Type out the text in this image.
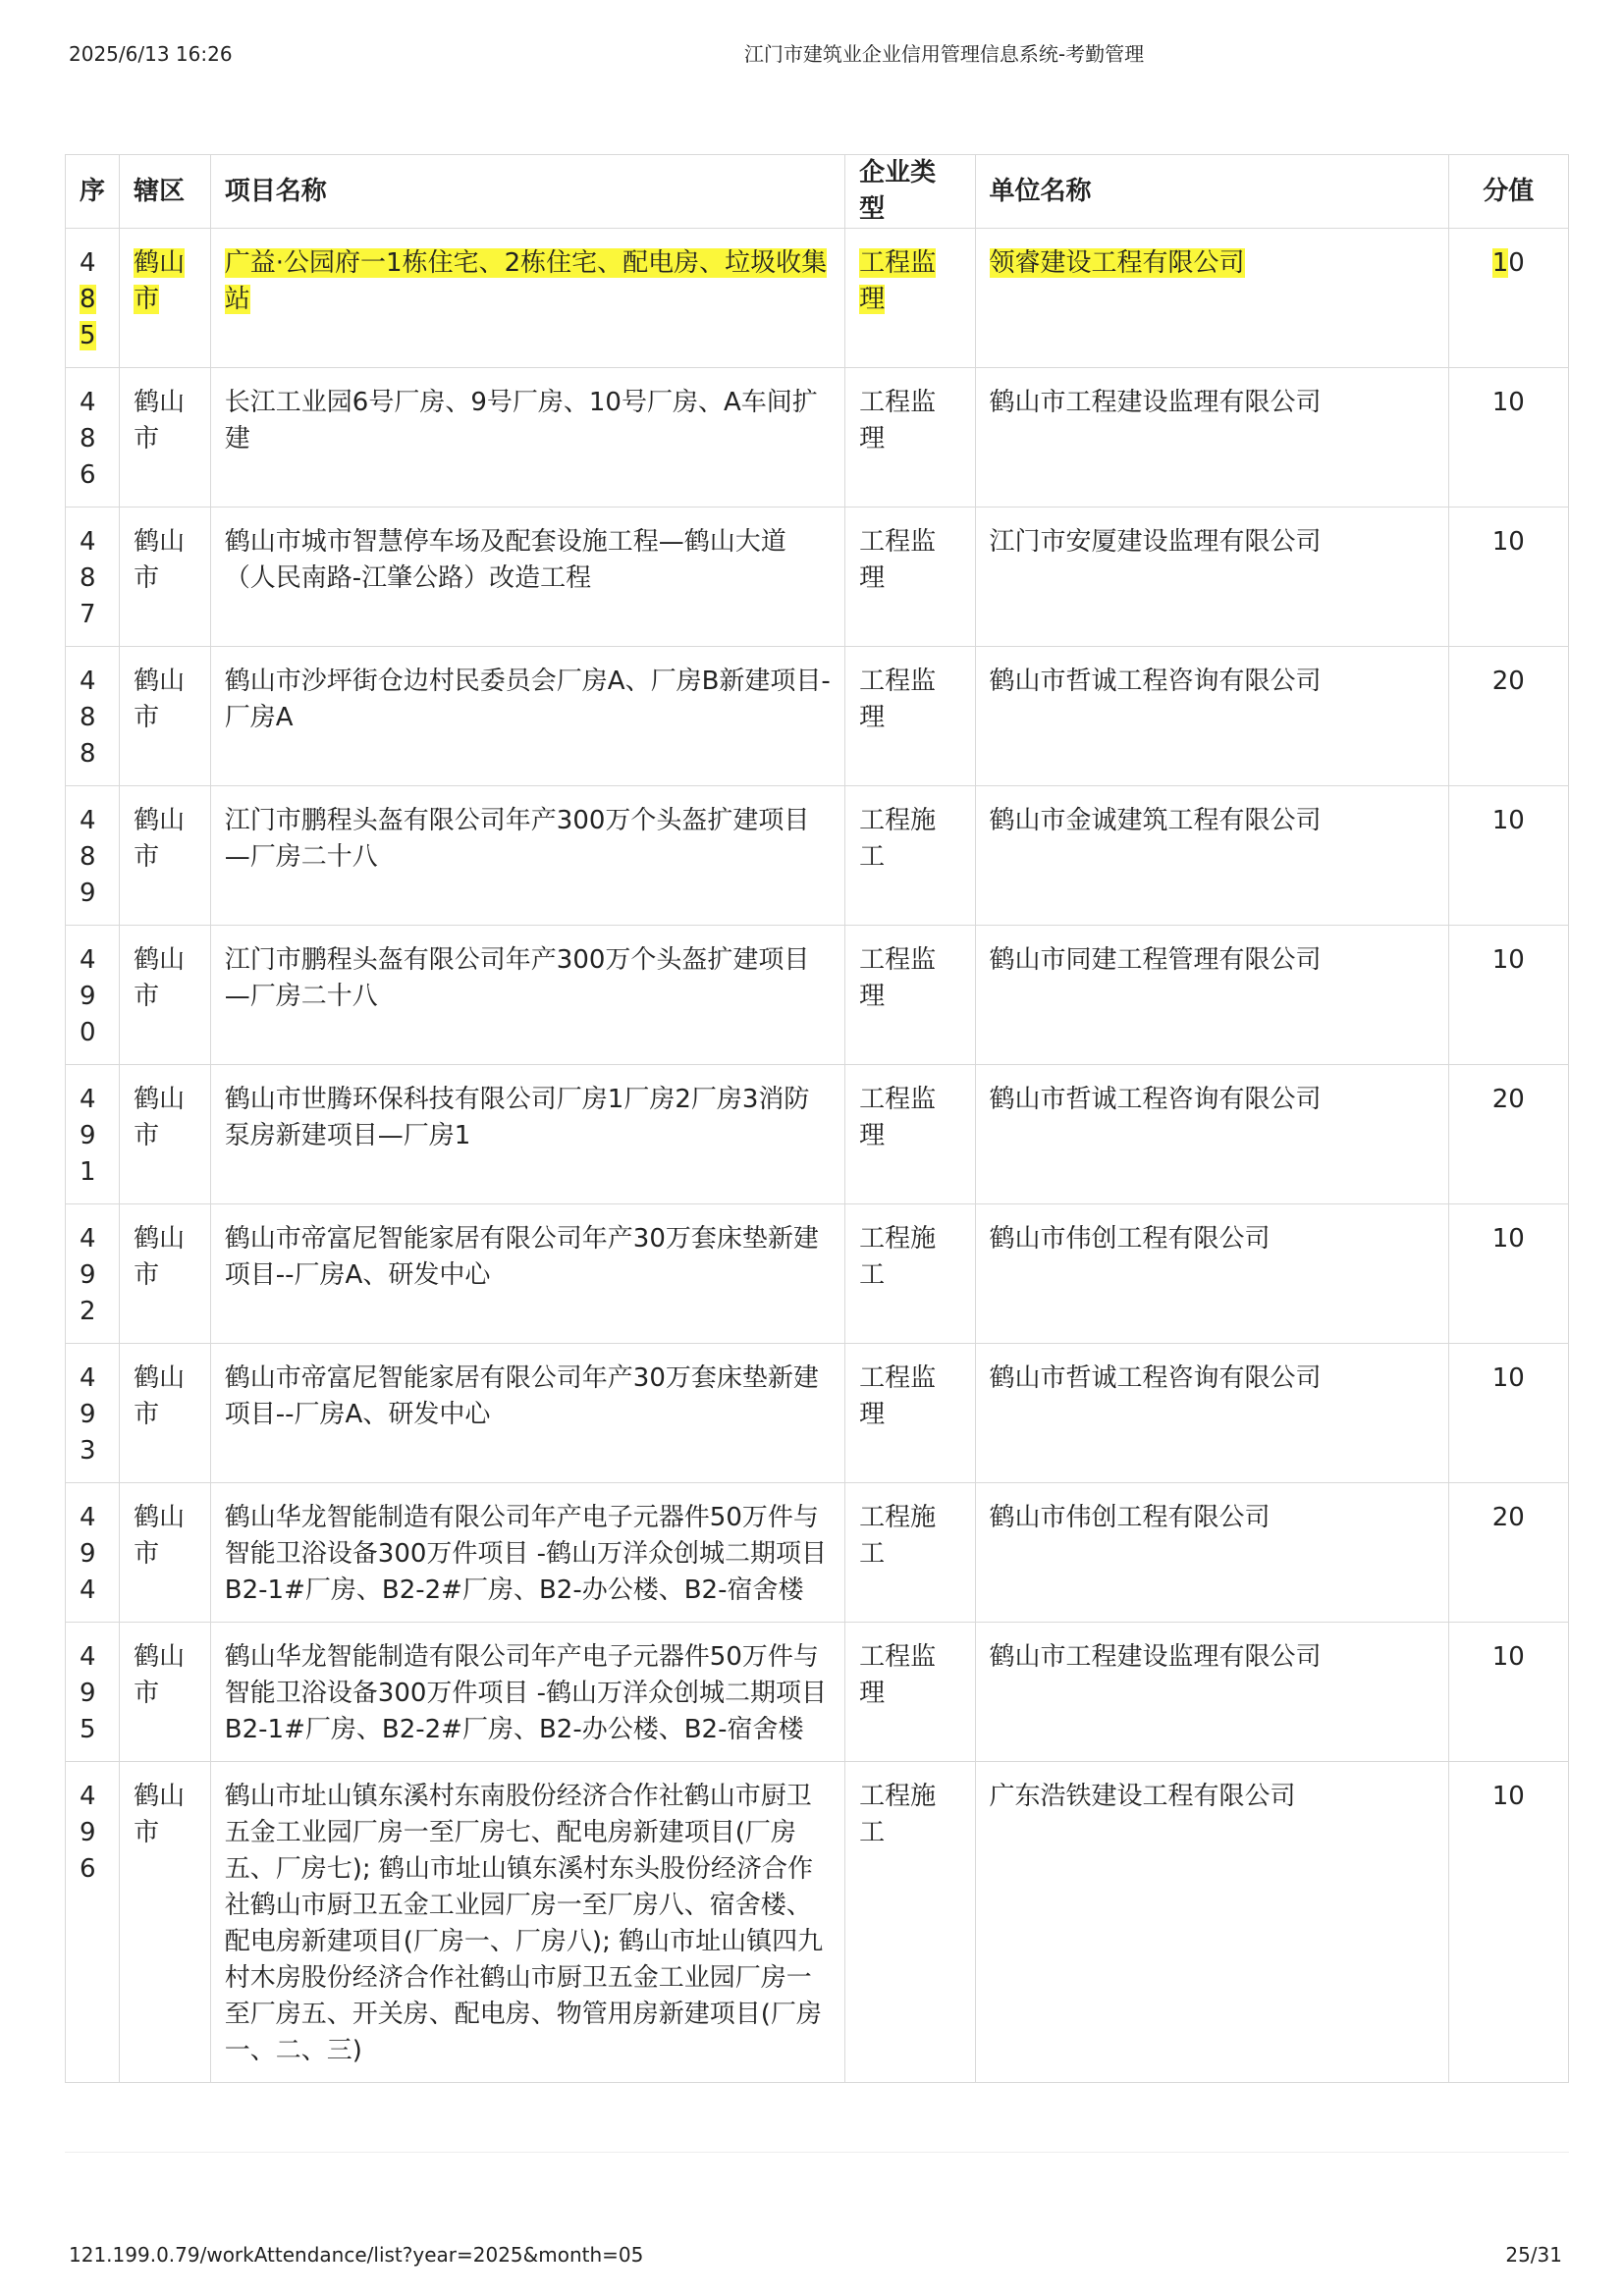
2025/6/13 16:26	江门市建筑业企业信用管理信息系统-考勤管理
序	辖区	项目名称	企业类型	单位名称	分值
485	鹤山市	广益·公园府一1栋住宅、2栋住宅、配电房、垃圾收集站	工程监理	领睿建设工程有限公司	10
486	鹤山市	长江工业园6号厂房、9号厂房、10号厂房、A车间扩建	工程监理	鹤山市工程建设监理有限公司	10
487	鹤山市	鹤山市城市智慧停车场及配套设施工程—鹤山大道（人民南路-江肇公路）改造工程	工程监理	江门市安厦建设监理有限公司	10
488	鹤山市	鹤山市沙坪街仓边村民委员会厂房A、厂房B新建项目-厂房A	工程监理	鹤山市哲诚工程咨询有限公司	20
489	鹤山市	江门市鹏程头盔有限公司年产300万个头盔扩建项目—厂房二十八	工程施工	鹤山市金诚建筑工程有限公司	10
490	鹤山市	江门市鹏程头盔有限公司年产300万个头盔扩建项目—厂房二十八	工程监理	鹤山市同建工程管理有限公司	10
491	鹤山市	鹤山市世腾环保科技有限公司厂房1厂房2厂房3消防泵房新建项目—厂房1	工程监理	鹤山市哲诚工程咨询有限公司	20
492	鹤山市	鹤山市帝富尼智能家居有限公司年产30万套床垫新建项目--厂房A、研发中心	工程施工	鹤山市伟创工程有限公司	10
493	鹤山市	鹤山市帝富尼智能家居有限公司年产30万套床垫新建项目--厂房A、研发中心	工程监理	鹤山市哲诚工程咨询有限公司	10
494	鹤山市	鹤山华龙智能制造有限公司年产电子元器件50万件与智能卫浴设备300万件项目 -鹤山万洋众创城二期项目B2-1#厂房、B2-2#厂房、B2-办公楼、B2-宿舍楼	工程施工	鹤山市伟创工程有限公司	20
495	鹤山市	鹤山华龙智能制造有限公司年产电子元器件50万件与智能卫浴设备300万件项目 -鹤山万洋众创城二期项目B2-1#厂房、B2-2#厂房、B2-办公楼、B2-宿舍楼	工程监理	鹤山市工程建设监理有限公司	10
496	鹤山市	鹤山市址山镇东溪村东南股份经济合作社鹤山市厨卫五金工业园厂房一至厂房七、配电房新建项目(厂房五、厂房七); 鹤山市址山镇东溪村东头股份经济合作社鹤山市厨卫五金工业园厂房一至厂房八、宿舍楼、配电房新建项目(厂房一、厂房八); 鹤山市址山镇四九村木房股份经济合作社鹤山市厨卫五金工业园厂房一至厂房五、开关房、配电房、物管用房新建项目(厂房一、二、三)	工程施工	广东浩铁建设工程有限公司	10
121.199.0.79/workAttendance/list?year=2025&month=05	25/31
